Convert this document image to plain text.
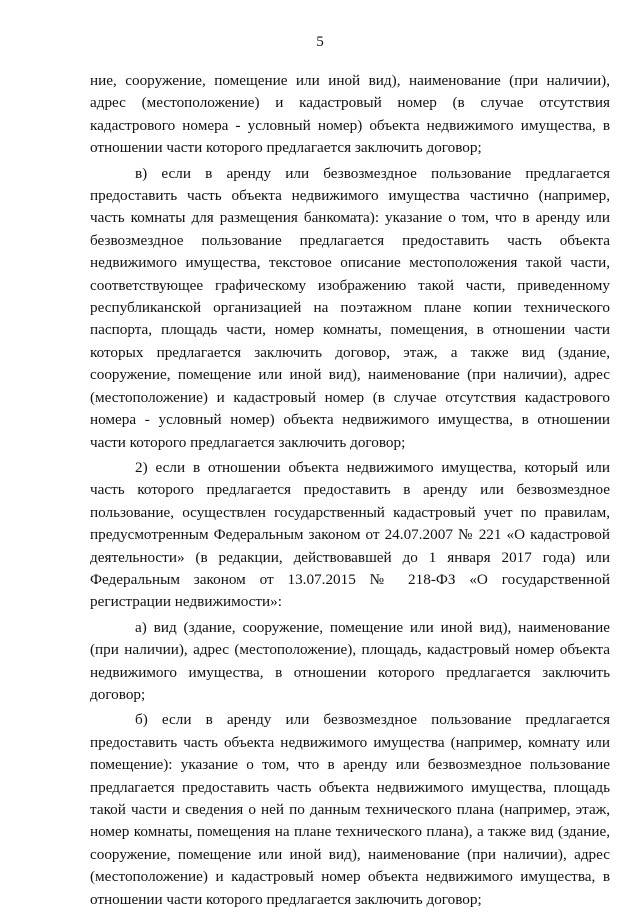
5

ние, сооружение, помещение или иной вид), наименование (при наличии), адрес (местоположение) и кадастровый номер (в случае отсутствия кадастрового номера - условный номер) объекта недвижимого имущества, в отношении части которого предлагается заключить договор;

в) если в аренду или безвозмездное пользование предлагается предоставить часть объекта недвижимого имущества частично (например, часть комнаты для размещения банкомата): указание о том, что в аренду или безвозмездное пользование предлагается предоставить часть объекта недвижимого имущества, текстовое описание местоположения такой части, соответствующее графическому изображению такой части, приведенному республиканской организацией на поэтажном плане копии технического паспорта, площадь части, номер комнаты, помещения, в отношении части которых предлагается заключить договор, этаж, а также вид (здание, сооружение, помещение или иной вид), наименование (при наличии), адрес (местоположение) и кадастровый номер (в случае отсутствия кадастрового номера - условный номер) объекта недвижимого имущества, в отношении части которого предлагается заключить договор;

2) если в отношении объекта недвижимого имущества, который или часть которого предлагается предоставить в аренду или безвозмездное пользование, осуществлен государственный кадастровый учет по правилам, предусмотренным Федеральным законом от 24.07.2007 № 221 «О кадастровой деятельности» (в редакции, действовавшей до 1 января 2017 года) или Федеральным законом от 13.07.2015 № 218-ФЗ «О государственной регистрации недвижимости»:

а) вид (здание, сооружение, помещение или иной вид), наименование (при наличии), адрес (местоположение), площадь, кадастровый номер объекта недвижимого имущества, в отношении которого предлагается заключить договор;

б) если в аренду или безвозмездное пользование предлагается предоставить часть объекта недвижимого имущества (например, комнату или помещение): указание о том, что в аренду или безвозмездное пользование предлагается предоставить часть объекта недвижимого имущества, площадь такой части и сведения о ней по данным технического плана (например, этаж, номер комнаты, помещения на плане технического плана), а также вид (здание, сооружение, помещение или иной вид), наименование (при наличии), адрес (местоположение) и кадастровый номер объекта недвижимого имущества, в отношении части которого предлагается заключить договор;
